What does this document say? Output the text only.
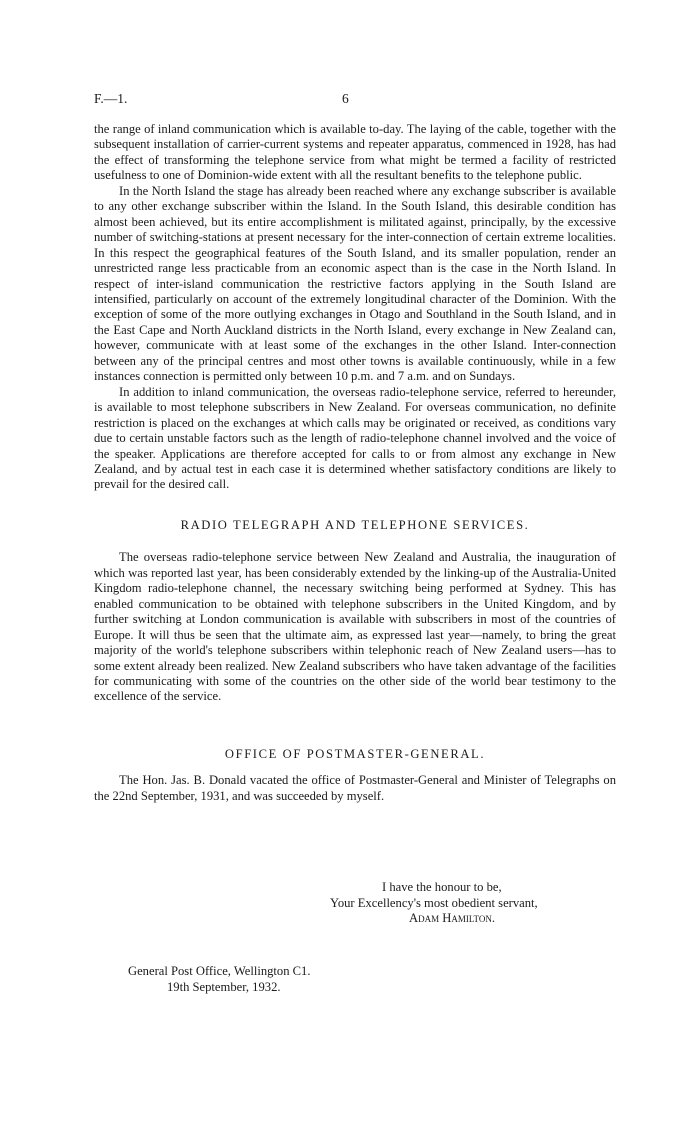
F.—1.	6

the range of inland communication which is available to-day. The laying of the cable, together with the subsequent installation of carrier-current systems and repeater apparatus, commenced in 1928, has had the effect of transforming the telephone service from what might be termed a facility of restricted usefulness to one of Dominion-wide extent with all the resultant benefits to the telephone public.

In the North Island the stage has already been reached where any exchange subscriber is available to any other exchange subscriber within the Island. In the South Island, this desirable condition has almost been achieved, but its entire accomplishment is militated against, principally, by the excessive number of switching-stations at present necessary for the inter-connection of certain extreme localities. In this respect the geographical features of the South Island, and its smaller population, render an unrestricted range less practicable from an economic aspect than is the case in the North Island. In respect of inter-island communication the restrictive factors applying in the South Island are intensified, particularly on account of the extremely longitudinal character of the Dominion. With the exception of some of the more outlying exchanges in Otago and Southland in the South Island, and in the East Cape and North Auckland districts in the North Island, every exchange in New Zealand can, however, communicate with at least some of the exchanges in the other Island. Inter-connection between any of the principal centres and most other towns is available continuously, while in a few instances connection is permitted only between 10 p.m. and 7 a.m. and on Sundays.

In addition to inland communication, the overseas radio-telephone service, referred to hereunder, is available to most telephone subscribers in New Zealand. For overseas communication, no definite restriction is placed on the exchanges at which calls may be originated or received, as conditions vary due to certain unstable factors such as the length of radio-telephone channel involved and the voice of the speaker. Applications are therefore accepted for calls to or from almost any exchange in New Zealand, and by actual test in each case it is determined whether satisfactory conditions are likely to prevail for the desired call.

RADIO TELEGRAPH AND TELEPHONE SERVICES.

The overseas radio-telephone service between New Zealand and Australia, the inauguration of which was reported last year, has been considerably extended by the linking-up of the Australia-United Kingdom radio-telephone channel, the necessary switching being performed at Sydney. This has enabled communication to be obtained with telephone subscribers in the United Kingdom, and by further switching at London communication is available with subscribers in most of the countries of Europe. It will thus be seen that the ultimate aim, as expressed last year—namely, to bring the great majority of the world's telephone subscribers within telephonic reach of New Zealand users—has to some extent already been realized. New Zealand subscribers who have taken advantage of the facilities for communicating with some of the countries on the other side of the world bear testimony to the excellence of the service.

OFFICE OF POSTMASTER-GENERAL.

The Hon. Jas. B. Donald vacated the office of Postmaster-General and Minister of Telegraphs on the 22nd September, 1931, and was succeeded by myself.

I have the honour to be,
Your Excellency's most obedient servant,
Adam Hamilton.
General Post Office, Wellington C1.
19th September, 1932.
